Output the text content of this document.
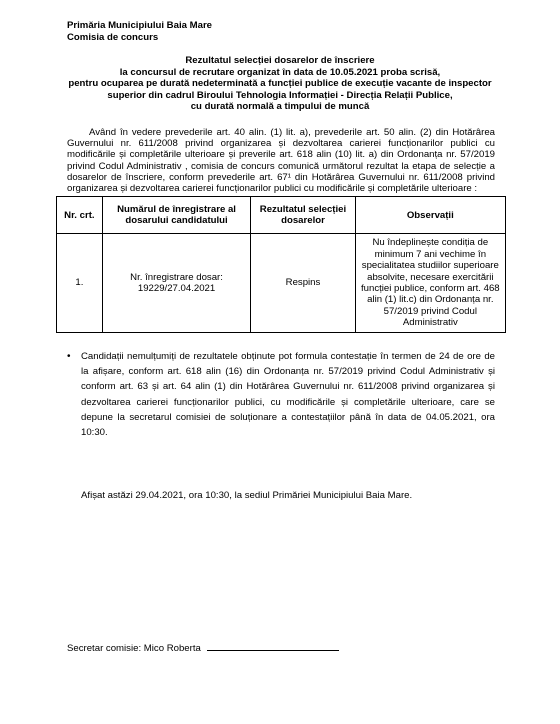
Primăria Municipiului Baia Mare
Comisia de concurs
Rezultatul selecției dosarelor de înscriere
la concursul de recrutare organizat în data de 10.05.2021 proba scrisă,
pentru ocuparea pe durată nedeterminată a funcției publice de execuție vacante de inspector
superior din cadrul Biroului Tehnologia Informației - Direcția Relații Publice,
cu durată normală a timpului de muncă

Având în vedere prevederile art. 40 alin. (1) lit. a), prevederile art. 50 alin. (2) din Hotărârea Guvernului nr. 611/2008 privind organizarea și dezvoltarea carierei funcționarilor publici cu modificările și completările ulterioare și preverile art. 618 alin (10) lit. a) din Ordonanța nr. 57/2019 privind Codul Administrativ , comisia de concurs comunică următorul rezultat la etapa de selecție a dosarelor de înscriere, conform prevederile art. 67¹ din Hotărârea Guvernului nr. 611/2008 privind organizarea și dezvoltarea carierei funcționarilor publici cu modificările și completările ulterioare :

Nr. crt.	Numărul de înregistrare al dosarului candidatului	Rezultatul selecției dosarelor	Observații
1.	Nr. înregistrare dosar: 19229/27.04.2021	Respins	Nu îndeplinește condiția de minimum 7 ani vechime în specialitatea studiilor superioare absolvite, necesare exercitării funcției publice, conform art. 468 alin (1) lit.c) din Ordonanța nr. 57/2019 privind Codul Administrativ
• Candidații nemulțumiți de rezultatele obținute pot formula contestație în termen de 24 de ore de la afișare, conform art. 618 alin (16) din Ordonanța nr. 57/2019 privind Codul Administrativ și conform art. 63 și art. 64 alin (1) din Hotărârea Guvernului nr. 611/2008 privind organizarea și dezvoltarea carierei funcționarilor publici, cu modificările și completările ulterioare, care se depune la secretarul comisiei de soluționare a contestațiilor până în data de 04.05.2021, ora 10:30.
Afișat astăzi 29.04.2021, ora 10:30, la sediul Primăriei Municipiului Baia Mare.
Secretar comisie: Mico Roberta
